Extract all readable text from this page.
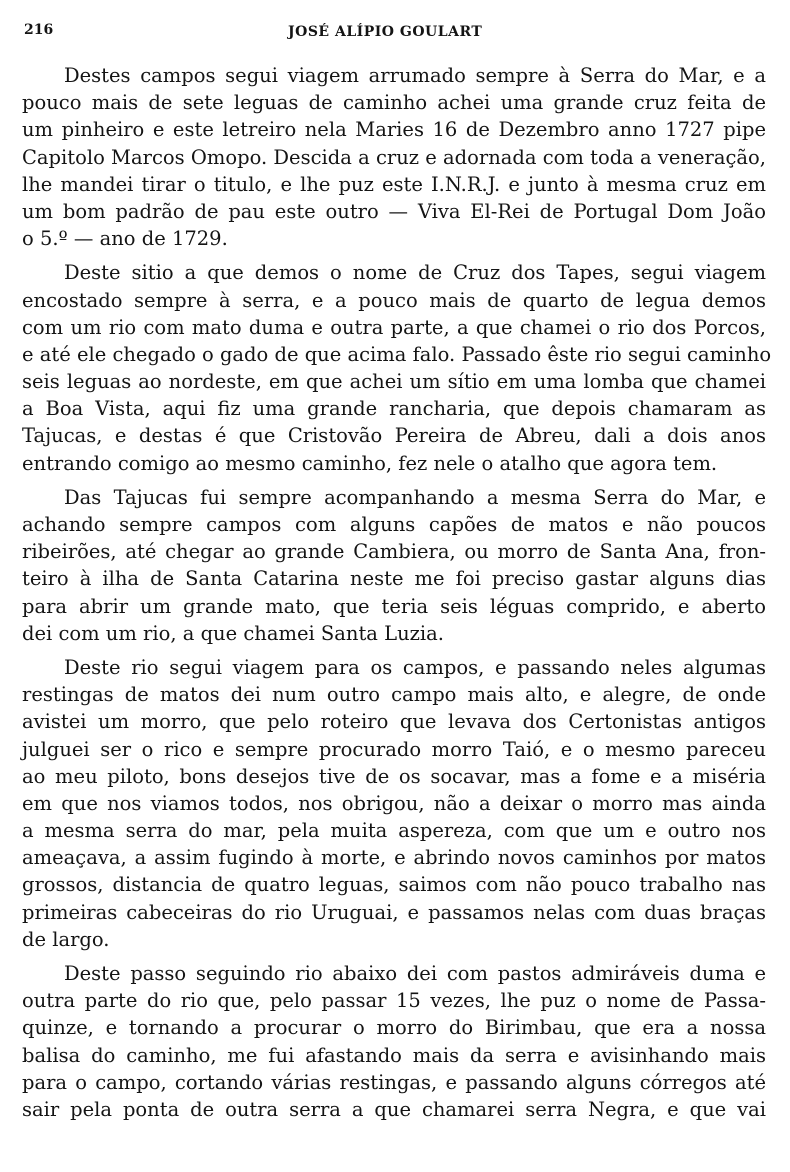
216	JOSÉ ALÍPIO GOULART
Destes campos segui viagem arrumado sempre à Serra do Mar, e a
pouco mais de sete leguas de caminho achei uma grande cruz feita de
um pinheiro e este letreiro nela Maries 16 de Dezembro anno 1727 pipe
Capitolo Marcos Omopo. Descida a cruz e adornada com toda a veneração,
lhe mandei tirar o titulo, e lhe puz este I.N.R.J. e junto à mesma cruz em
um bom padrão de pau este outro — Viva El-Rei de Portugal Dom João
o 5.º — ano de 1729.
Deste sitio a que demos o nome de Cruz dos Tapes, segui viagem
encostado sempre à serra, e a pouco mais de quarto de legua demos
com um rio com mato duma e outra parte, a que chamei o rio dos Porcos,
e até ele chegado o gado de que acima falo. Passado êste rio segui caminho
seis leguas ao nordeste, em que achei um sítio em uma lomba que chamei
a Boa Vista, aqui fiz uma grande rancharia, que depois chamaram as
Tajucas, e destas é que Cristovão Pereira de Abreu, dali a dois anos
entrando comigo ao mesmo caminho, fez nele o atalho que agora tem.
Das Tajucas fui sempre acompanhando a mesma Serra do Mar, e
achando sempre campos com alguns capões de matos e não poucos
ribeirões, até chegar ao grande Cambiera, ou morro de Santa Ana, fron-
teiro à ilha de Santa Catarina neste me foi preciso gastar alguns dias
para abrir um grande mato, que teria seis léguas comprido, e aberto
dei com um rio, a que chamei Santa Luzia.
Deste rio segui viagem para os campos, e passando neles algumas
restingas de matos dei num outro campo mais alto, e alegre, de onde
avistei um morro, que pelo roteiro que levava dos Certonistas antigos
julguei ser o rico e sempre procurado morro Taió, e o mesmo pareceu
ao meu piloto, bons desejos tive de os socavar, mas a fome e a miséria
em que nos viamos todos, nos obrigou, não a deixar o morro mas ainda
a mesma serra do mar, pela muita aspereza, com que um e outro nos
ameaçava, a assim fugindo à morte, e abrindo novos caminhos por matos
grossos, distancia de quatro leguas, saimos com não pouco trabalho nas
primeiras cabeceiras do rio Uruguai, e passamos nelas com duas braças
de largo.
Deste passo seguindo rio abaixo dei com pastos admiráveis duma e
outra parte do rio que, pelo passar 15 vezes, lhe puz o nome de Passa-
quinze, e tornando a procurar o morro do Birimbau, que era a nossa
balisa do caminho, me fui afastando mais da serra e avisinhando mais
para o campo, cortando várias restingas, e passando alguns córregos até
sair pela ponta de outra serra a que chamarei serra Negra, e que vai
